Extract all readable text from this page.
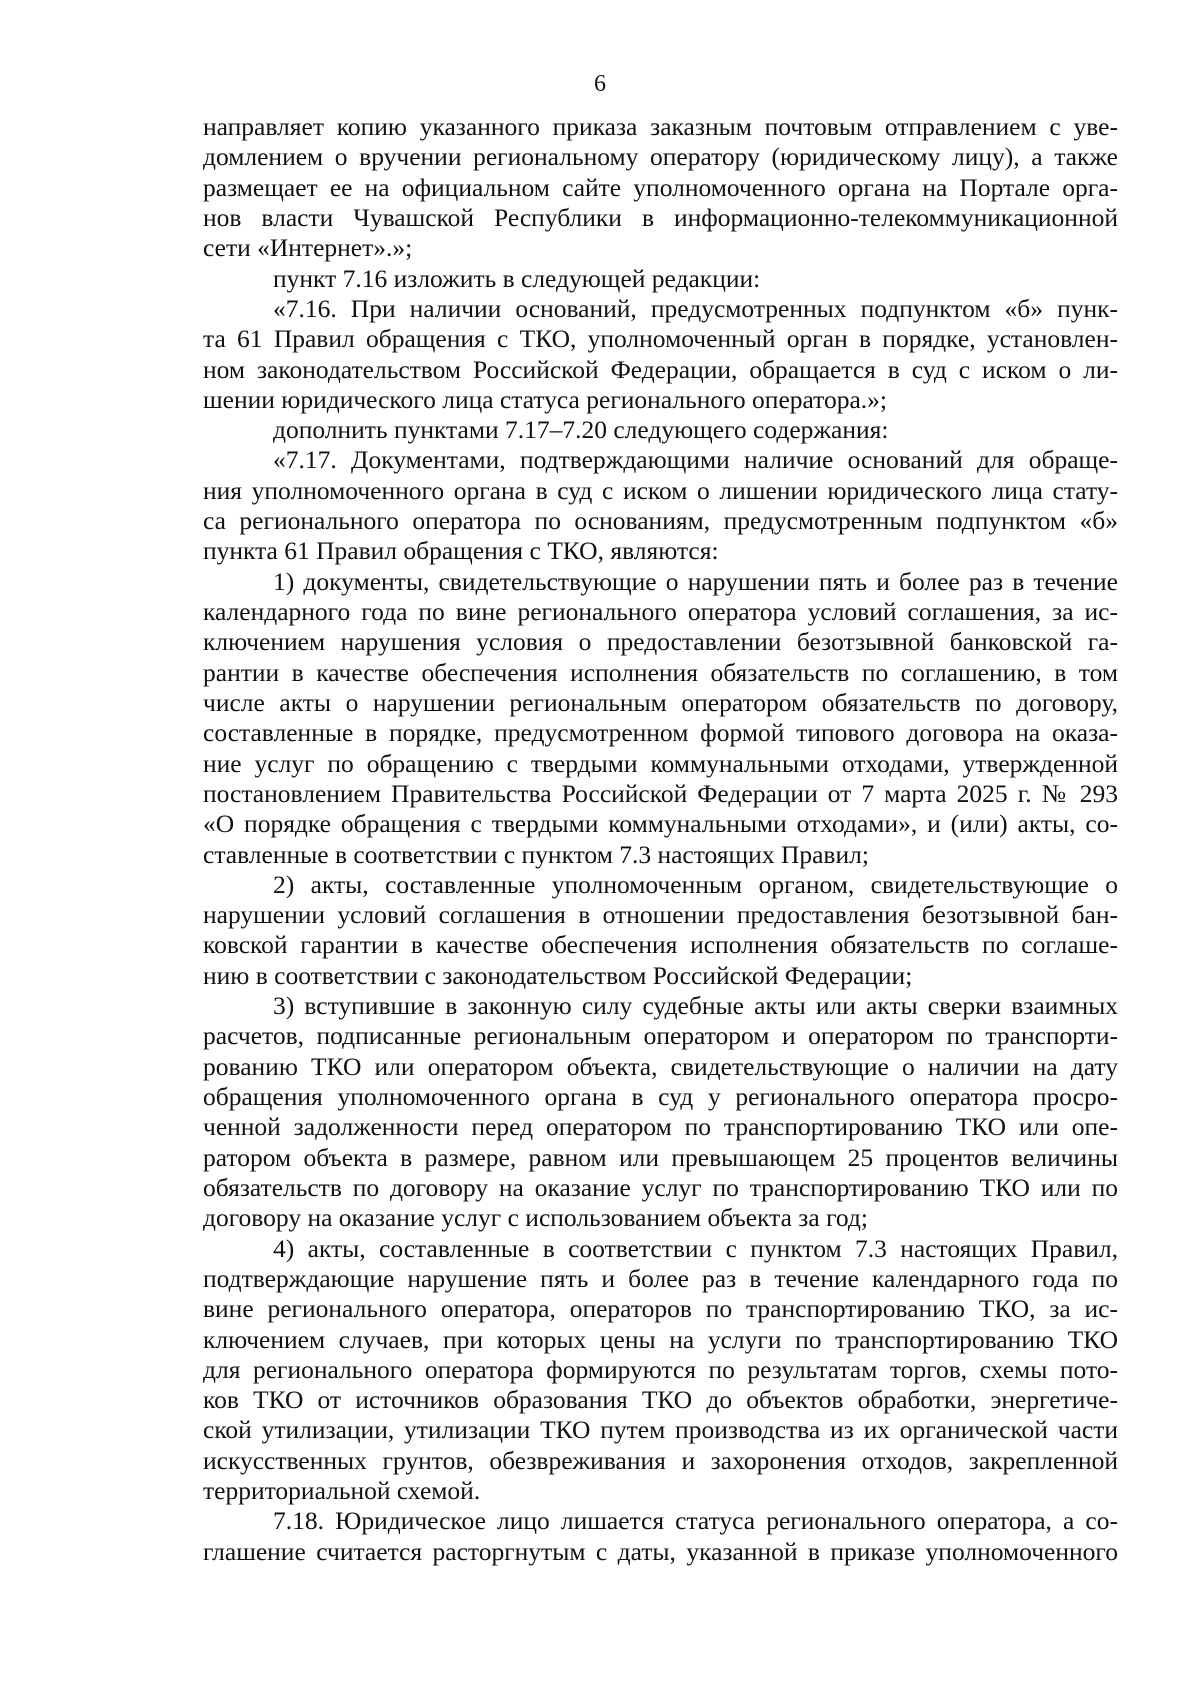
6
направляет копию указанного приказа заказным почтовым отправлением с уве-
домлением о вручении региональному оператору (юридическому лицу), а также
размещает ее на официальном сайте уполномоченного органа на Портале орга-
нов власти Чувашской Республики в информационно-телекоммуникационной
сети «Интернет».»;
пункт 7.16 изложить в следующей редакции:
«7.16. При наличии оснований, предусмотренных подпунктом «б» пунк-
та 61 Правил обращения с ТКО, уполномоченный орган в порядке, установлен-
ном законодательством Российской Федерации, обращается в суд с иском о ли-
шении юридического лица статуса регионального оператора.»;
дополнить пунктами 7.17–7.20 следующего содержания:
«7.17. Документами, подтверждающими наличие оснований для обраще-
ния уполномоченного органа в суд с иском о лишении юридического лица стату-
са регионального оператора по основаниям, предусмотренным подпунктом «б»
пункта 61 Правил обращения с ТКО, являются:
1) документы, свидетельствующие о нарушении пять и более раз в течение
календарного года по вине регионального оператора условий соглашения, за ис-
ключением нарушения условия о предоставлении безотзывной банковской га-
рантии в качестве обеспечения исполнения обязательств по соглашению, в том
числе акты о нарушении региональным оператором обязательств по договору,
составленные в порядке, предусмотренном формой типового договора на оказа-
ние услуг по обращению с твердыми коммунальными отходами, утвержденной
постановлением Правительства Российской Федерации от 7 марта 2025 г. № 293
«О порядке обращения с твердыми коммунальными отходами», и (или) акты, со-
ставленные в соответствии с пунктом 7.3 настоящих Правил;
2) акты, составленные уполномоченным органом, свидетельствующие о
нарушении условий соглашения в отношении предоставления безотзывной бан-
ковской гарантии в качестве обеспечения исполнения обязательств по соглаше-
нию в соответствии с законодательством Российской Федерации;
3) вступившие в законную силу судебные акты или акты сверки взаимных
расчетов, подписанные региональным оператором и оператором по транспорти-
рованию ТКО или оператором объекта, свидетельствующие о наличии на дату
обращения уполномоченного органа в суд у регионального оператора просро-
ченной задолженности перед оператором по транспортированию ТКО или опе-
ратором объекта в размере, равном или превышающем 25 процентов величины
обязательств по договору на оказание услуг по транспортированию ТКО или по
договору на оказание услуг с использованием объекта за год;
4) акты, составленные в соответствии с пунктом 7.3 настоящих Правил,
подтверждающие нарушение пять и более раз в течение календарного года по
вине регионального оператора, операторов по транспортированию ТКО, за ис-
ключением случаев, при которых цены на услуги по транспортированию ТКО
для регионального оператора формируются по результатам торгов, схемы пото-
ков ТКО от источников образования ТКО до объектов обработки, энергетиче-
ской утилизации, утилизации ТКО путем производства из их органической части
искусственных грунтов, обезвреживания и захоронения отходов, закрепленной
территориальной схемой.
7.18. Юридическое лицо лишается статуса регионального оператора, а со-
глашение считается расторгнутым с даты, указанной в приказе уполномоченного
